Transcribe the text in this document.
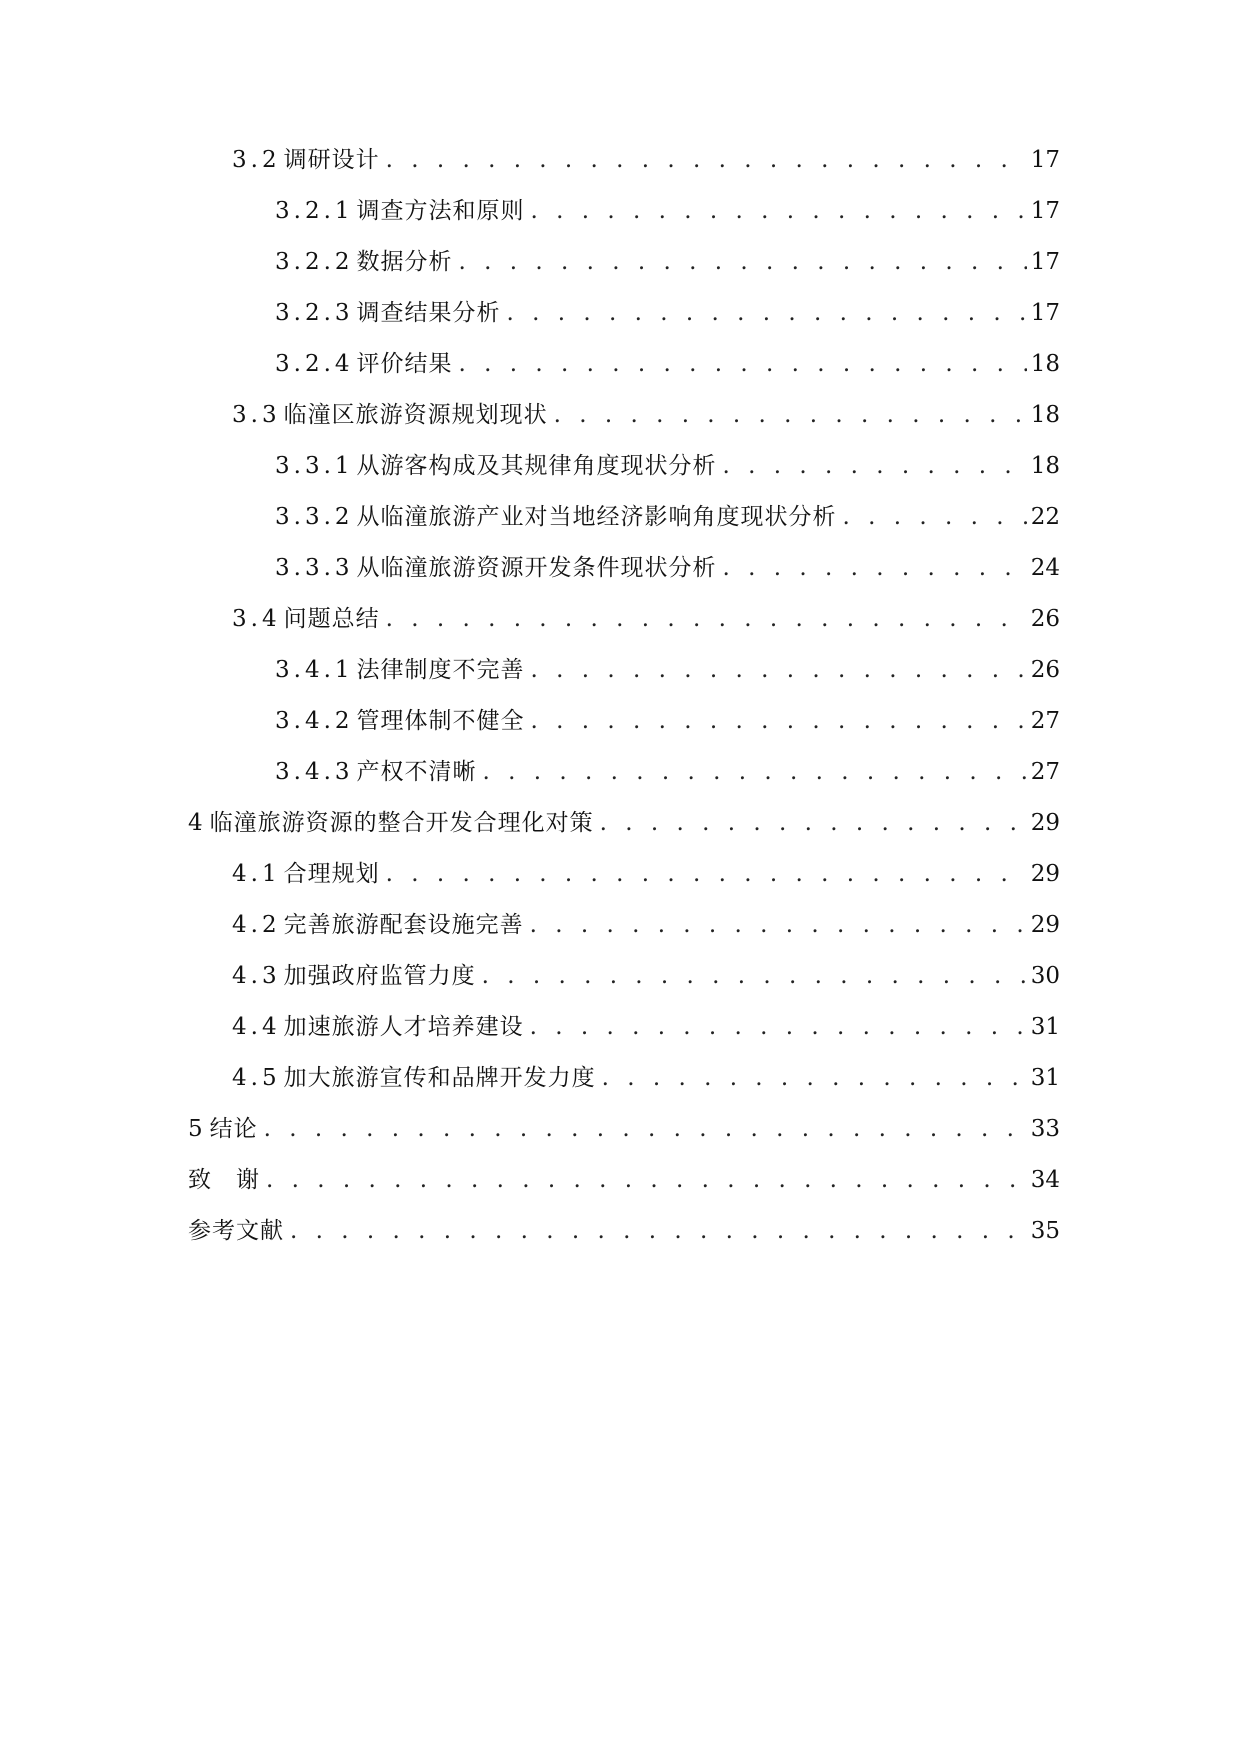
3.2 调研设计 . . .	17
3.2.1 调查方法和原则 . . .	17
3.2.2 数据分析 . . .	17
3.2.3 调查结果分析 . . .	17
3.2.4 评价结果 . . .	18
3.3 临潼区旅游资源规划现状 . . .	18
3.3.1 从游客构成及其规律角度现状分析 . . .	18
3.3.2 从临潼旅游产业对当地经济影响角度现状分析 . . .	22
3.3.3 从临潼旅游资源开发条件现状分析 . . .	24
3.4 问题总结 . . .	26
3.4.1 法律制度不完善 . . .	26
3.4.2 管理体制不健全 . . .	27
3.4.3 产权不清晰 . . .	27
4 临潼旅游资源的整合开发合理化对策 . . .	29
4.1 合理规划 . . .	29
4.2 完善旅游配套设施完善 . . .	29
4.3 加强政府监管力度 . . .	30
4.4 加速旅游人才培养建设 . . .	31
4.5 加大旅游宣传和品牌开发力度 . . .	31
5 结论 . . .	33
致　谢 . . .	34
参考文献 . . .	35
